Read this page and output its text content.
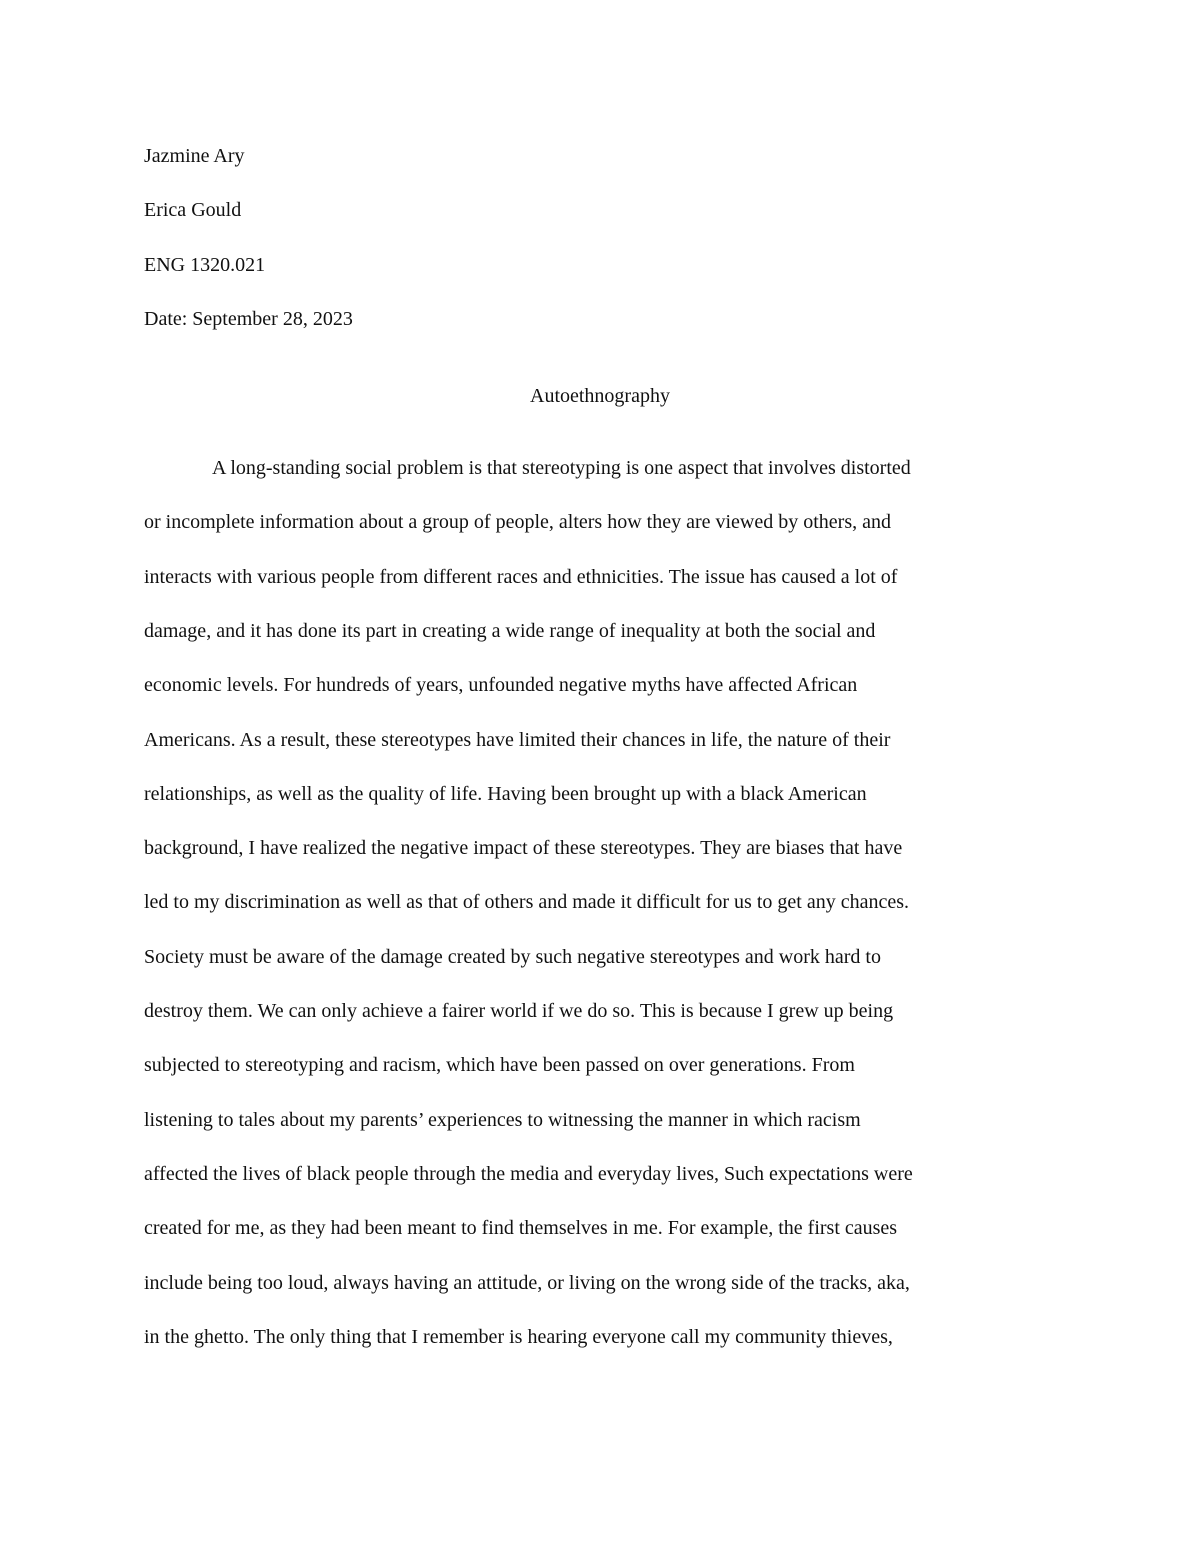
Jazmine Ary
Erica Gould
ENG 1320.021
Date: September 28, 2023
Autoethnography
A long-standing social problem is that stereotyping is one aspect that involves distorted
or incomplete information about a group of people, alters how they are viewed by others, and
interacts with various people from different races and ethnicities. The issue has caused a lot of
damage, and it has done its part in creating a wide range of inequality at both the social and
economic levels. For hundreds of years, unfounded negative myths have affected African
Americans. As a result, these stereotypes have limited their chances in life, the nature of their
relationships, as well as the quality of life. Having been brought up with a black American
background, I have realized the negative impact of these stereotypes. They are biases that have
led to my discrimination as well as that of others and made it difficult for us to get any chances.
Society must be aware of the damage created by such negative stereotypes and work hard to
destroy them. We can only achieve a fairer world if we do so. This is because I grew up being
subjected to stereotyping and racism, which have been passed on over generations. From
listening to tales about my parents’ experiences to witnessing the manner in which racism
affected the lives of black people through the media and everyday lives, Such expectations were
created for me, as they had been meant to find themselves in me. For example, the first causes
include being too loud, always having an attitude, or living on the wrong side of the tracks, aka,
in the ghetto. The only thing that I remember is hearing everyone call my community thieves,
